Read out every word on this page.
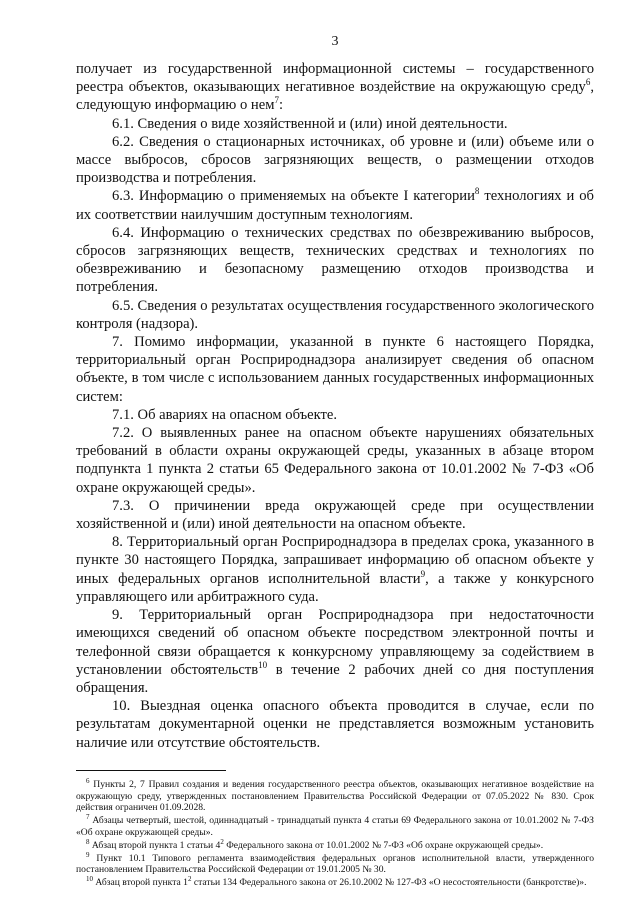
3

получает из государственной информационной системы – государственного реестра объектов, оказывающих негативное воздействие на окружающую среду$^6$, следующую информацию о нем$^7$:

6.1. Сведения о виде хозяйственной и (или) иной деятельности.

6.2. Сведения о стационарных источниках, об уровне и (или) объеме или о массе выбросов, сбросов загрязняющих веществ, о размещении отходов производства и потребления.

6.3. Информацию о применяемых на объекте I категории$^8$ технологиях и об их соответствии наилучшим доступным технологиям.

6.4. Информацию о технических средствах по обезвреживанию выбросов, сбросов загрязняющих веществ, технических средствах и технологиях по обезвреживанию и безопасному размещению отходов производства и потребления.

6.5. Сведения о результатах осуществления государственного экологического контроля (надзора).

7. Помимо информации, указанной в пункте 6 настоящего Порядка, территориальный орган Росприроднадзора анализирует сведения об опасном объекте, в том числе с использованием данных государственных информационных систем:

7.1. Об авариях на опасном объекте.

7.2. О выявленных ранее на опасном объекте нарушениях обязательных требований в области охраны окружающей среды, указанных в абзаце втором подпункта 1 пункта 2 статьи 65 Федерального закона от 10.01.2002 № 7-ФЗ «Об охране окружающей среды».

7.3. О причинении вреда окружающей среде при осуществлении хозяйственной и (или) иной деятельности на опасном объекте.

8. Территориальный орган Росприроднадзора в пределах срока, указанного в пункте 30 настоящего Порядка, запрашивает информацию об опасном объекте у иных федеральных органов исполнительной власти$^9$, а также у конкурсного управляющего или арбитражного суда.

9. Территориальный орган Росприроднадзора при недостаточности имеющихся сведений об опасном объекте посредством электронной почты и телефонной связи обращается к конкурсному управляющему за содействием в установлении обстоятельств$^{10}$ в течение 2 рабочих дней со дня поступления обращения.

10. Выездная оценка опасного объекта проводится в случае, если по результатам документарной оценки не представляется возможным установить наличие или отсутствие обстоятельств.

$^6$ Пункты 2, 7 Правил создания и ведения государственного реестра объектов, оказывающих негативное воздействие на окружающую среду, утвержденных постановлением Правительства Российской Федерации от 07.05.2022 № 830. Срок действия ограничен 01.09.2028.

$^7$ Абзацы четвертый, шестой, одиннадцатый - тринадцатый пункта 4 статьи 69 Федерального закона от 10.01.2002 № 7-ФЗ «Об охране окружающей среды».

$^8$ Абзац второй пункта 1 статьи $4^2$ Федерального закона от 10.01.2002 № 7-ФЗ «Об охране окружающей среды».

$^9$ Пункт 10.1 Типового регламента взаимодействия федеральных органов исполнительной власти, утвержденного постановлением Правительства Российской Федерации от 19.01.2005 № 30.

$^{10}$ Абзац второй пункта $1^2$ статьи 134 Федерального закона от 26.10.2002 № 127-ФЗ «О несостоятельности (банкротстве)».
